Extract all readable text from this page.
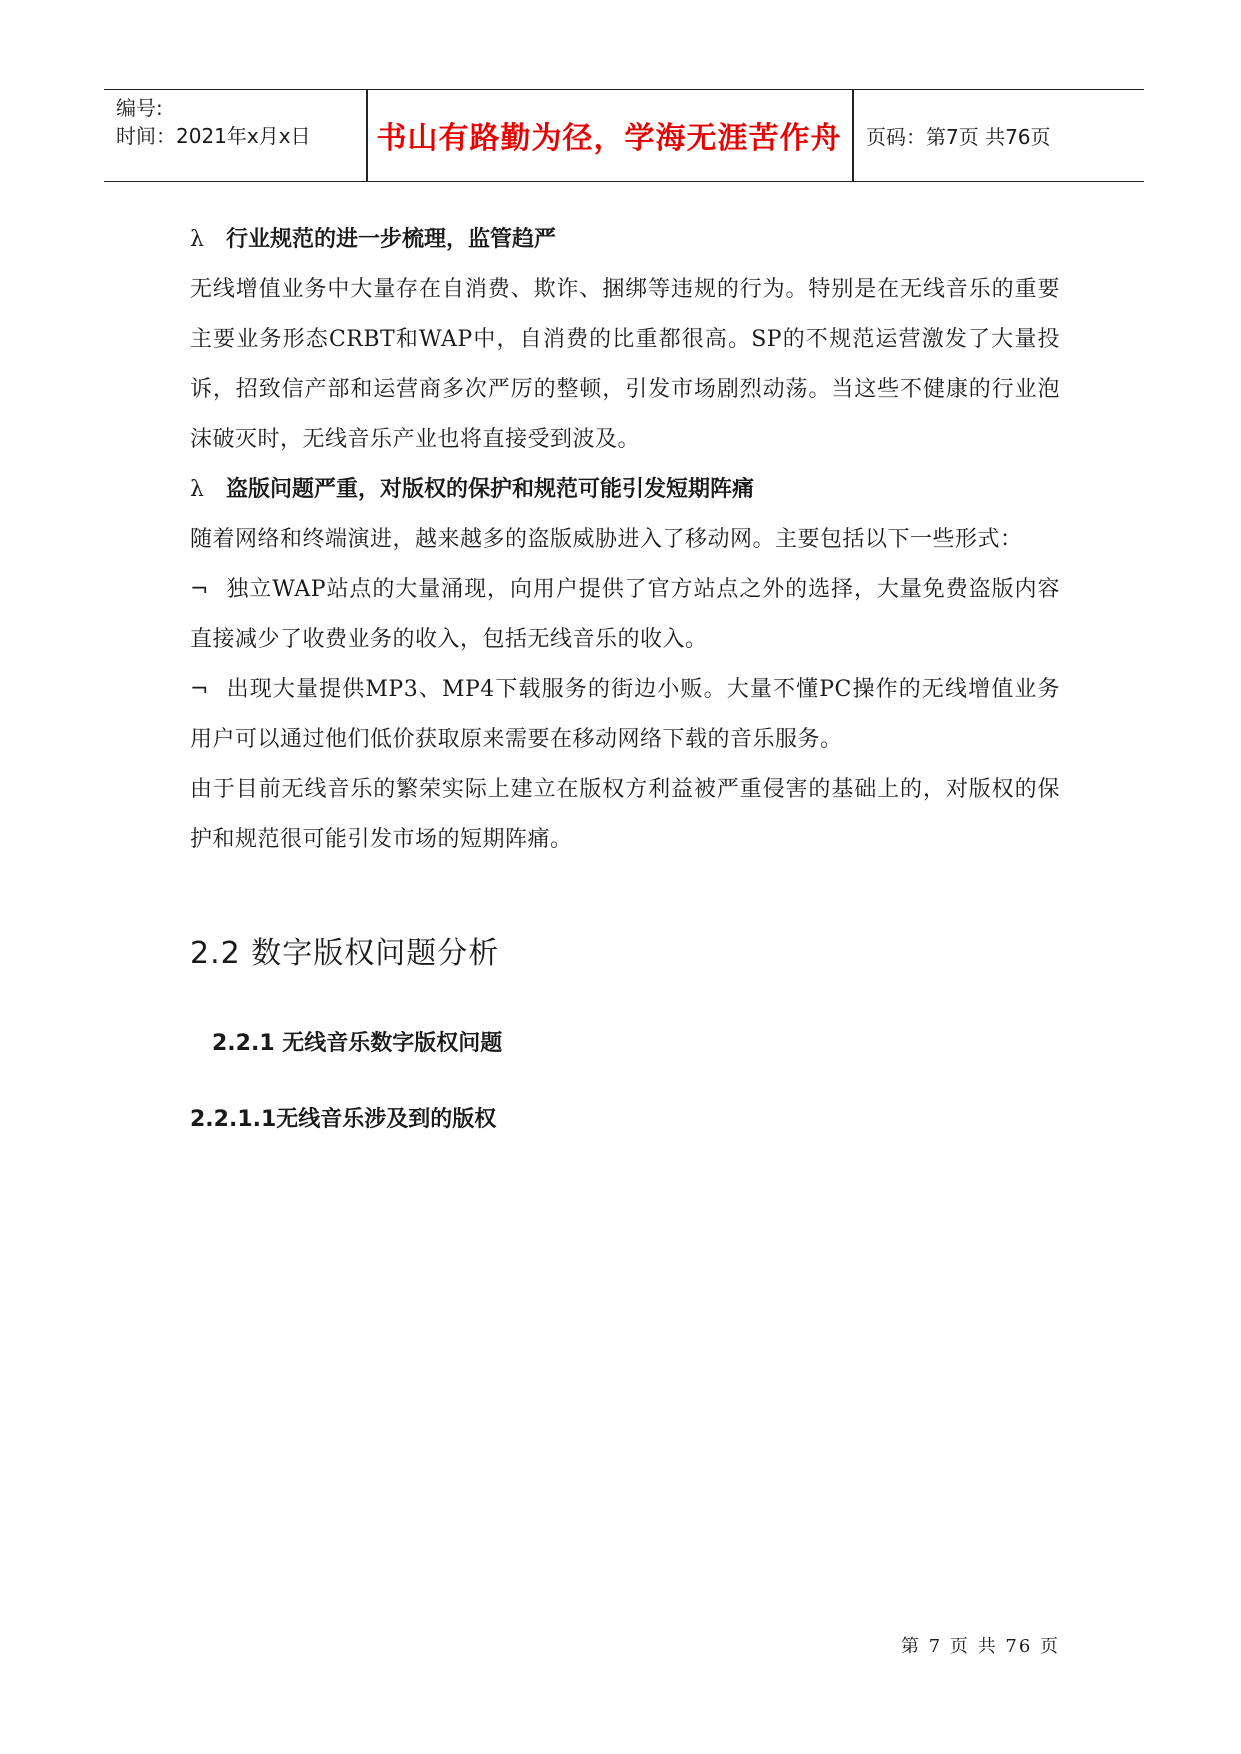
编号:
时间：2021年x月x日	书山有路勤为径，学海无涯苦作舟	页码：第7页 共76页
λ 行业规范的进一步梳理，监管趋严

无线增值业务中大量存在自消费、欺诈、捆绑等违规的行为。特别是在无线音乐的重要主要业务形态CRBT和WAP中，自消费的比重都很高。SP的不规范运营激发了大量投诉，招致信产部和运营商多次严厉的整顿，引发市场剧烈动荡。当这些不健康的行业泡沫破灭时，无线音乐产业也将直接受到波及。

λ 盗版问题严重，对版权的保护和规范可能引发短期阵痛

随着网络和终端演进，越来越多的盗版威胁进入了移动网。主要包括以下一些形式：

¬ 独立WAP站点的大量涌现，向用户提供了官方站点之外的选择，大量免费盗版内容直接减少了收费业务的收入，包括无线音乐的收入。

¬ 出现大量提供MP3、MP4下载服务的街边小贩。大量不懂PC操作的无线增值业务用户可以通过他们低价获取原来需要在移动网络下载的音乐服务。

由于目前无线音乐的繁荣实际上建立在版权方利益被严重侵害的基础上的，对版权的保护和规范很可能引发市场的短期阵痛。

2.2 数字版权问题分析
2.2.1 无线音乐数字版权问题
2.2.1.1无线音乐涉及到的版权
第 7 页 共 76 页
